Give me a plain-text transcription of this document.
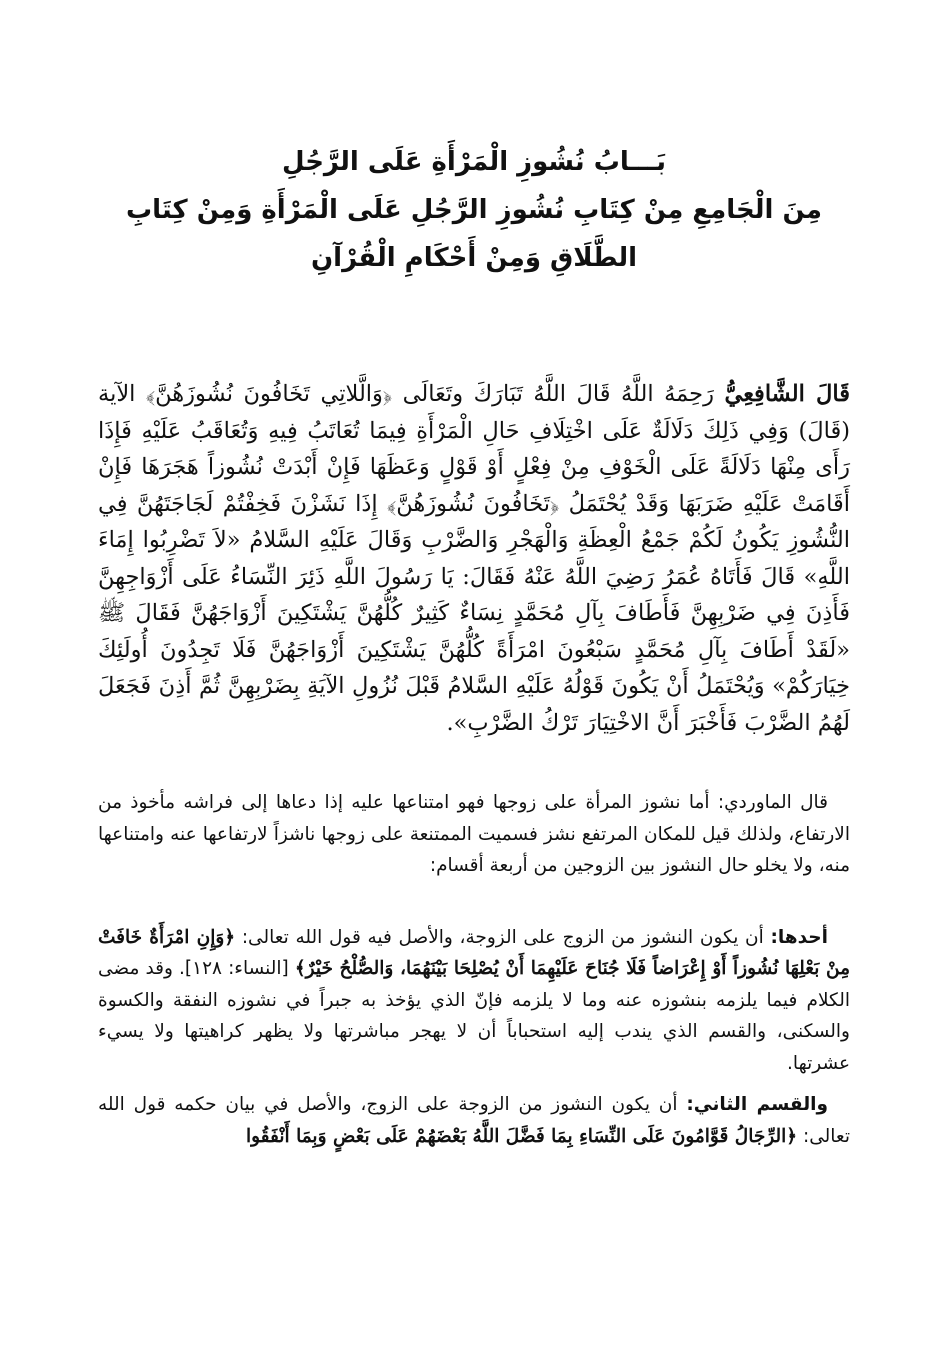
بَـــابُ نُشُوزِ الْمَرْأَةِ عَلَى الرَّجُلِ
مِنَ الْجَامِعِ مِنْ كِتَابِ نُشُوزِ الرَّجُلِ عَلَى الْمَرْأَةِ وَمِنْ كِتَابِ الطَّلَاقِ وَمِنْ أَحْكَامِ الْقُرْآنِ

قَالَ الشَّافِعِيُّ رَحِمَهُ اللَّهُ قَالَ اللَّهُ تَبَارَكَ وتَعَالَى ﴿وَالَّلاتِي تَخَافُونَ نُشُوزَهُنَّ﴾ الآية (قَالَ) وَفِي ذَلِكَ دَلَالَةٌ عَلَى اخْتِلَافِ حَالِ الْمَرْأَةِ فِيمَا تُعَاتَبُ فِيهِ وَتُعَاقَبُ عَلَيْهِ فَإِذَا رَأَى مِنْهَا دَلَالَةً عَلَى الْخَوْفِ مِنْ فِعْلٍ أَوْ قَوْلٍ وَعَظَهَا فَإِنْ أَبْدَتْ نُشُوزاً هَجَرَهَا فَإِنْ أَقَامَتْ عَلَيْهِ ضَرَبَهَا وَقَدْ يُحْتَمَلُ ﴿تَخَافُونَ نُشُوزَهُنَّ﴾ إِذَا نَشَزْنَ فَخِفْتُمْ لَجَاجَتَهُنَّ فِي النُّشُوزِ يَكُونُ لَكُمْ جَمْعُ الْعِظَةِ وَالْهَجْرِ وَالضَّرْبِ وَقَالَ عَلَيْهِ السَّلامُ «لاَ تَضْرِبُوا إِمَاءَ اللَّهِ» قَالَ فَأَتَاهُ عُمَرُ رَضِيَ اللَّهُ عَنْهُ فَقَالَ: يَا رَسُولَ اللَّهِ ذَئِرَ النِّسَاءُ عَلَى أَزْوَاجِهِنَّ فَأَذِنَ فِي ضَرْبِهِنَّ فَأَطَافَ بِآلِ مُحَمَّدٍ نِسَاءٌ كَثِيرٌ كُلُّهُنَّ يَشْتَكِينَ أَزْوَاجَهُنَّ فَقَالَ ﷺ «لَقَدْ أَطَافَ بِآلِ مُحَمَّدٍ سَبْعُونَ امْرَأَةً كُلُّهُنَّ يَشْتَكِينَ أَزْوَاجَهُنَّ فَلَا تَجِدُونَ أُولَئِكَ خِيَارَكُمْ» وَيُحْتَمَلُ أَنْ يَكُونَ قَوْلُهُ عَلَيْهِ السَّلامُ قَبْلَ نُزُولِ الآيَةِ بِضَرْبِهِنَّ ثُمَّ أَذِنَ فَجَعَلَ لَهُمُ الضَّرْبَ فَأَخْبَرَ أَنَّ الاخْتِيَارَ تَرْكُ الضَّرْبِ».

قال الماوردي: أما نشوز المرأة على زوجها فهو امتناعها عليه إذا دعاها إلى فراشه مأخوذ من الارتفاع، ولذلك قيل للمكان المرتفع نشز فسميت الممتنعة على زوجها ناشزاً لارتفاعها عنه وامتناعها منه، ولا يخلو حال النشوز بين الزوجين من أربعة أقسام:

أحدها: أن يكون النشوز من الزوج على الزوجة، والأصل فيه قول الله تعالى: ﴿وَإِنِ امْرَأَةٌ خَافَتْ مِنْ بَعْلِهَا نُشُوزاً أَوْ إِعْرَاضاً فَلَا جُنَاحَ عَلَيْهِمَا أَنْ يُصْلِحَا بَيْنَهُمَا، وَالصُّلْحُ خَيْرٌ﴾ [النساء: ١٢٨]. وقد مضى الكلام فيما يلزمه بنشوزه عنه وما لا يلزمه فإنّ الذي يؤخذ به جبراً في نشوزه النفقة والكسوة والسكنى، والقسم الذي يندب إليه استحباباً أن لا يهجر مباشرتها ولا يظهر كراهيتها ولا يسيء عشرتها.

والقسم الثاني: أن يكون النشوز من الزوجة على الزوج، والأصل في بيان حكمه قول الله تعالى: ﴿الرِّجَالُ قَوَّامُونَ عَلَى النِّسَاءِ بِمَا فَضَّلَ اللَّهُ بَعْضَهُمْ عَلَى بَعْضٍ وَبِمَا أَنْفَقُوا
